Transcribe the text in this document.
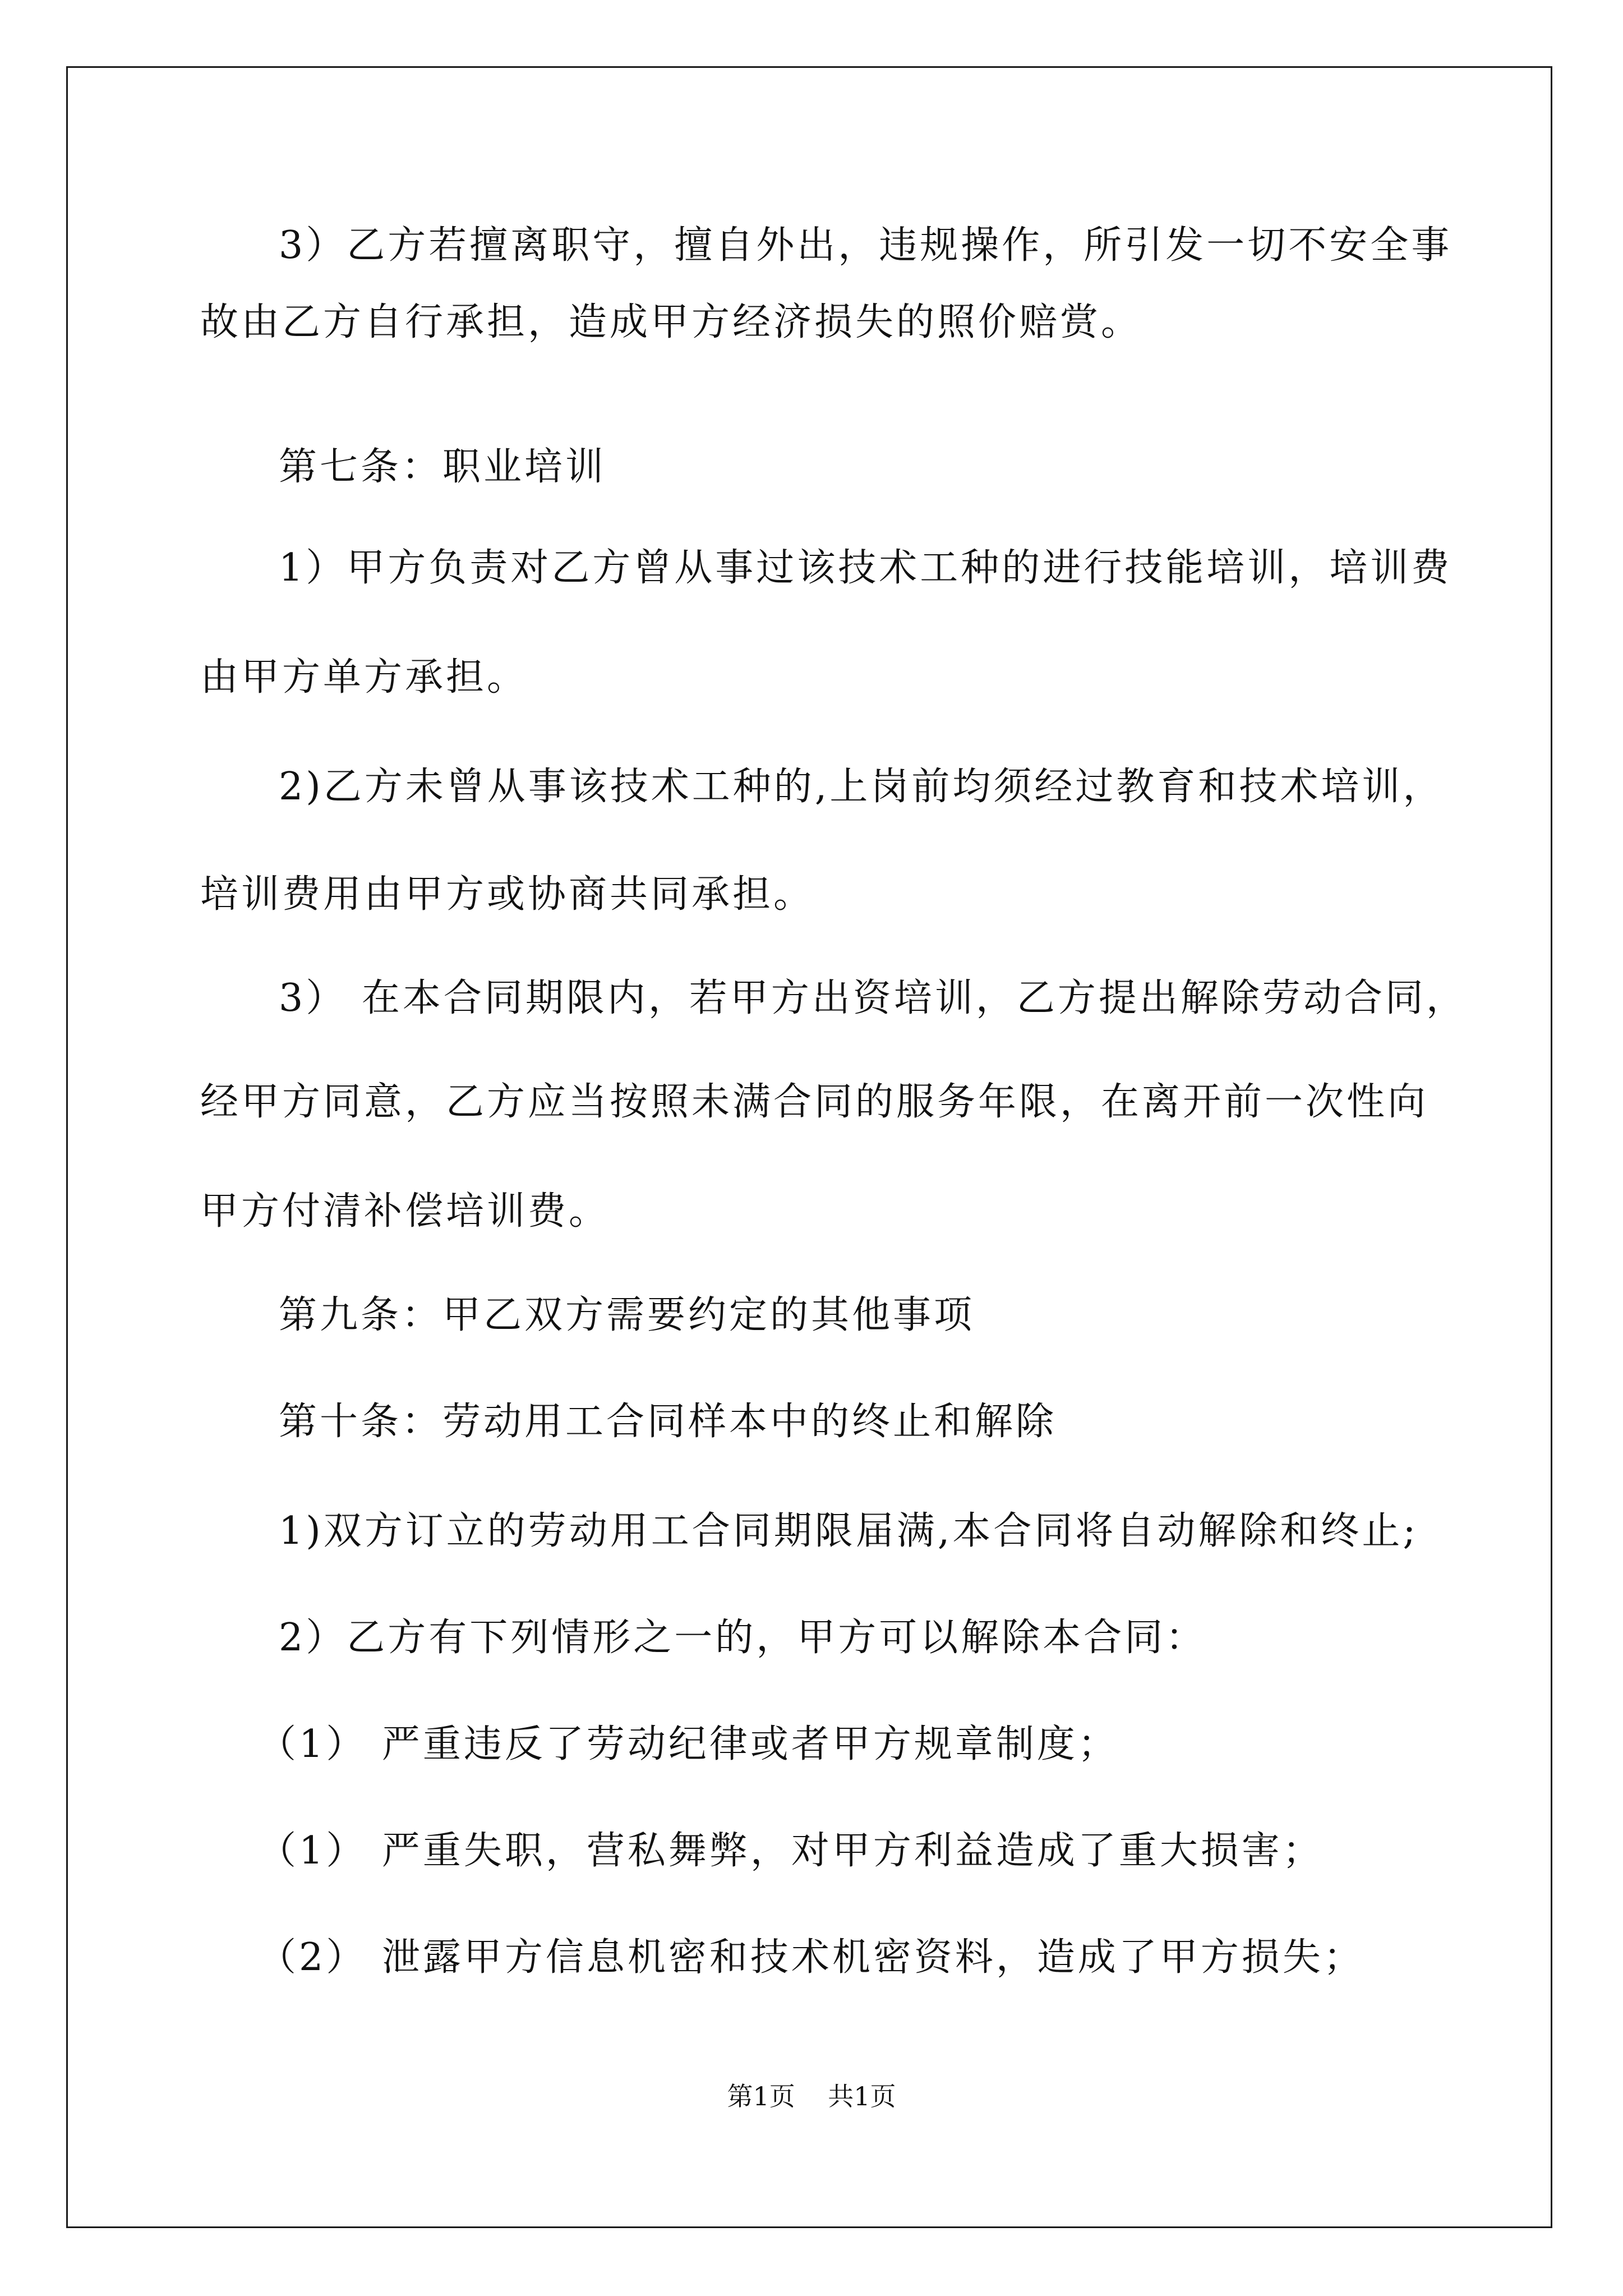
3）乙方若擅离职守，擅自外出，违规操作，所引发一切不安全事
故由乙方自行承担，造成甲方经济损失的照价赔赏。
第七条：职业培训
1）甲方负责对乙方曾从事过该技术工种的进行技能培训，培训费
由甲方单方承担。
2)乙方未曾从事该技术工种的,上岗前均须经过教育和技术培训，
培训费用由甲方或协商共同承担。
3） 在本合同期限内，若甲方出资培训，乙方提出解除劳动合同，
经甲方同意，乙方应当按照未满合同的服务年限，在离开前一次性向
甲方付清补偿培训费。
第九条：甲乙双方需要约定的其他事项
第十条：劳动用工合同样本中的终止和解除
1)双方订立的劳动用工合同期限届满,本合同将自动解除和终止;
2）乙方有下列情形之一的，甲方可以解除本合同：
（1） 严重违反了劳动纪律或者甲方规章制度；
（1） 严重失职，营私舞弊，对甲方利益造成了重大损害；
（2） 泄露甲方信息机密和技术机密资料，造成了甲方损失；
第1页    共1页
